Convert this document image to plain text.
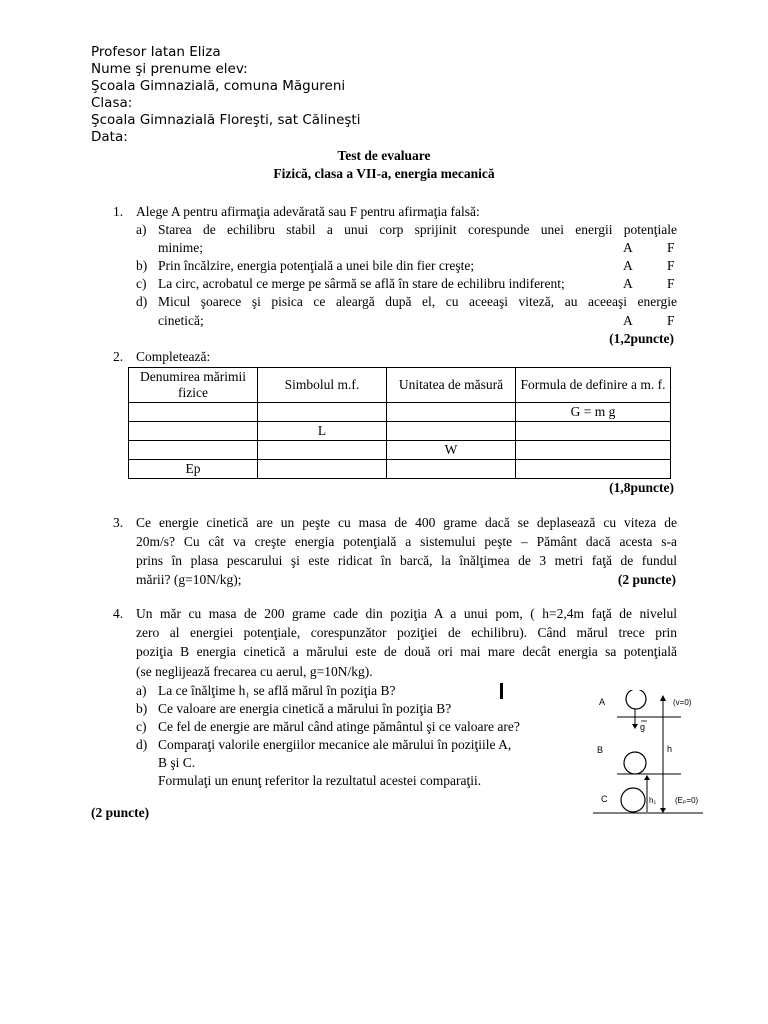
Profesor Iatan Eliza
Nume şi prenume elev:
Şcoala Gimnazială, comuna Măgureni
Clasa:
Şcoala Gimnazială Floreşti, sat Călineşti
Data:
Test de evaluare
Fizică, clasa a VII-a, energia mecanică
1. Alege A pentru afirmaţia adevărată sau F pentru afirmaţia falsă:
a) Starea de echilibru stabil a unui corp sprijinit corespunde unei energii potenţiale
minime;	A	F
b) Prin încălzire, energia potenţială a unei bile din fier creşte;	A	F
c) La circ, acrobatul ce merge pe sârmă se află în stare de echilibru indiferent;	A	F
d) Micul şoarece şi pisica ce aleargă după el, cu aceeaşi viteză, au aceeaşi energie
cinetică;	A	F
(1,2puncte)
2. Completează:
Denumirea mărimii fizice	Simbolul m.f.	Unitatea de măsură	Formula de definire a m. f.
			G = m g
	L		
		W	
Ep			
(1,8puncte)
3. Ce energie cinetică are un peşte cu masa de 400 grame dacă se deplasează cu viteza de
20m/s? Cu cât va creşte energia potenţială a sistemului peşte – Pământ dacă acesta s-a
prins în plasa pescarului şi este ridicat în barcă, la înălţimea de 3 metri faţă de fundul
mării? (g=10N/kg);	(2 puncte)
4. Un măr cu masa de 200 grame cade din poziţia A a unui pom, ( h=2,4m faţă de nivelul
zero al energiei potenţiale, corespunzător poziţiei de echilibru). Când mărul trece prin
poziţia B energia cinetică a mărului este de două ori mai mare decât energia sa potenţială
(se neglijează frecarea cu aerul, g=10N/kg).
a) La ce înălţime h₁ se află mărul în poziţia B?
b) Ce valoare are energia cinetică a mărului în poziţia B?
c) Ce fel de energie are mărul când atinge pământul şi ce valoare are?
d) Comparaţi valorile energiilor mecanice ale mărului în poziţiile A,
B şi C.
Formulaţi un enunţ referitor la rezultatul acestei comparaţii.
(2 puncte)
A
B
C
(v=0)
g
h
h₁ (Eₚ=0)
